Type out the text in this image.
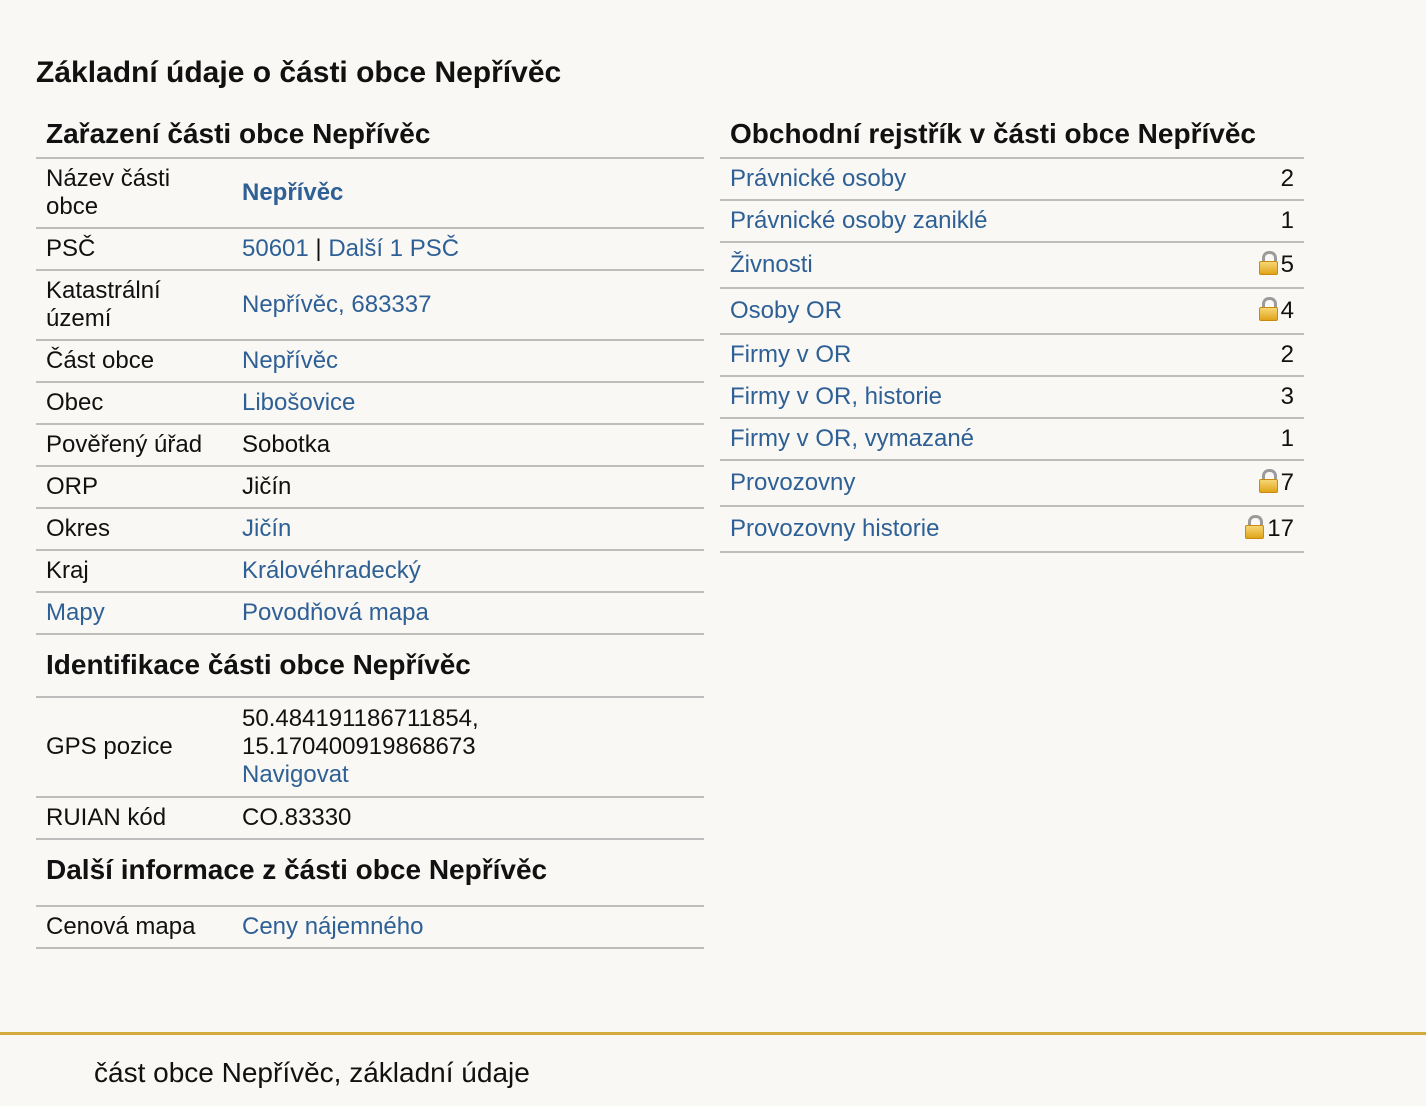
Základní údaje o části obce Nepřívěc
Zařazení části obce Nepřívěc
Název části obce	Nepřívěc
PSČ	50601 | Další 1 PSČ
Katastrální území	Nepřívěc, 683337
Část obce	Nepřívěc
Obec	Libošovice
Pověřený úřad	Sobotka
ORP	Jičín
Okres	Jičín
Kraj	Královéhradecký
Mapy	Povodňová mapa
Identifikace části obce Nepřívěc
GPS pozice	50.484191186711854,
15.170400919868673
Navigovat
RUIAN kód	CO.83330
Další informace z části obce Nepřívěc
Cenová mapa	Ceny nájemného
Obchodní rejstřík v části obce Nepřívěc
Právnické osoby	2
Právnické osoby zaniklé	1
Živnosti	5
Osoby OR	4
Firmy v OR	2
Firmy v OR, historie	3
Firmy v OR, vymazané	1
Provozovny	7
Provozovny historie	17
část obce Nepřívěc, základní údaje
